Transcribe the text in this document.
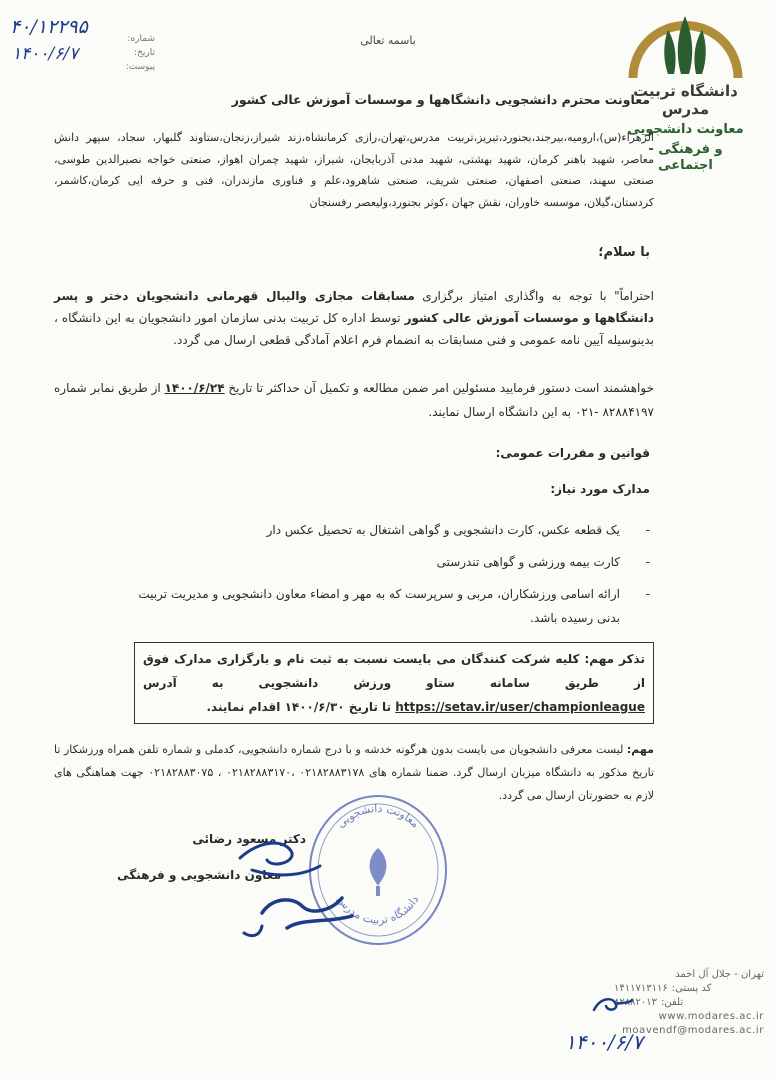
۴۰/۱۲۲۹۵
۱۴۰۰/۶/۷
شماره:
تاریخ:
پیوست:
باسمه تعالی
دانشگاه تربیت مدرس
معاونت دانشجویی
و فرهنگی - اجتماعی
معاونت محترم دانشجویی دانشگاهها و موسسات آموزش عالی کشور
الزهراء(س)،ارومیه،بیرجند،بجنورد،تبریز،تربیت مدرس،تهران،رازی کرمانشاه،زند شیراز،زنجان،ستاوند گلبهار، سجاد، سپهر دانش معاصر، شهید باهنر کرمان، شهید بهشتی، شهید مدنی آذربایجان، شیراز، شهید چمران اهواز، صنعتی خواجه نصیرالدین طوسی، صنعتی سهند، صنعتی اصفهان، صنعتی شریف، صنعتی شاهرود،علم و فناوری مازندران، فنی و حرفه ایی کرمان،کاشمر، کردستان،گیلان، موسسه خاوران، نقش جهان ،کوثر بجنورد،ولیعصر رفسنجان
با سلام؛
احتراماً" با توجه به واگذاری امتیاز برگزاری مسابقات مجازی والیبال قهرمانی دانشجویان دختر و پسر دانشگاهها و موسسات آموزش عالی کشور توسط اداره کل تربیت بدنی سازمان امور دانشجویان به این دانشگاه ، بدینوسیله آیین نامه عمومی و فنی مسابقات به انضمام فرم اعلام آمادگی قطعی ارسال می گردد.
خواهشمند است دستور فرمایید مسئولین امر ضمن مطالعه و تکمیل آن حداکثر تا تاریخ ۱۴۰۰/۶/۲۴ از طریق نمابر شماره ۸۲۸۸۴۱۹۷ -۰۲۱ به این دانشگاه ارسال نمایند.
قوانین و مقررات عمومی:
مدارک مورد نیاز:
-
یک قطعه عکس، کارت دانشجویی و گواهی اشتغال به تحصیل عکس دار
-
کارت بیمه ورزشی و گواهی تندرستی
-
ارائه اسامی ورزشکاران، مربی و سرپرست که به مهر و امضاء معاون دانشجویی و مدیریت تربیت بدنی رسیده باشد.
تذکر مهم: کلیه شرکت کنندگان می بایست نسبت به ثبت نام و بارگزاری مدارک فوق از طریق سامانه ستاو ورزش دانشجویی به آدرس https://setav.ir/user/championleague تا تاریخ ۱۴۰۰/۶/۳۰ اقدام نمایند.
مهم: لیست معرفی دانشجویان می بایست بدون هرگونه خدشه و با درج شماره دانشجویی، کدملی و شماره تلفن همراه ورزشکار تا تاریخ مذکور به دانشگاه میزبان ارسال گرد. ضمنا شماره های ۰۲۱۸۲۸۸۳۱۷۸ ،۰۲۱۸۲۸۸۳۱۷۰ ، ۰۲۱۸۲۸۸۳۰۷۵ جهت هماهنگی های لازم به حضورتان ارسال می گردد.
دکتر مسعود رضائی
معاون دانشجویی و فرهنگی
معاونت دانشجویی
دانشگاه تربیت مدرس
تهران - جلال آل احمد
کد پستی:
۱۴۱۱۷۱۳۱۱۶
تلفن:
۸۲۸۸۲۰۱۳
www.modares.ac.ir
moavendf@modares.ac.ir
۱۴۰۰/۶/۷
